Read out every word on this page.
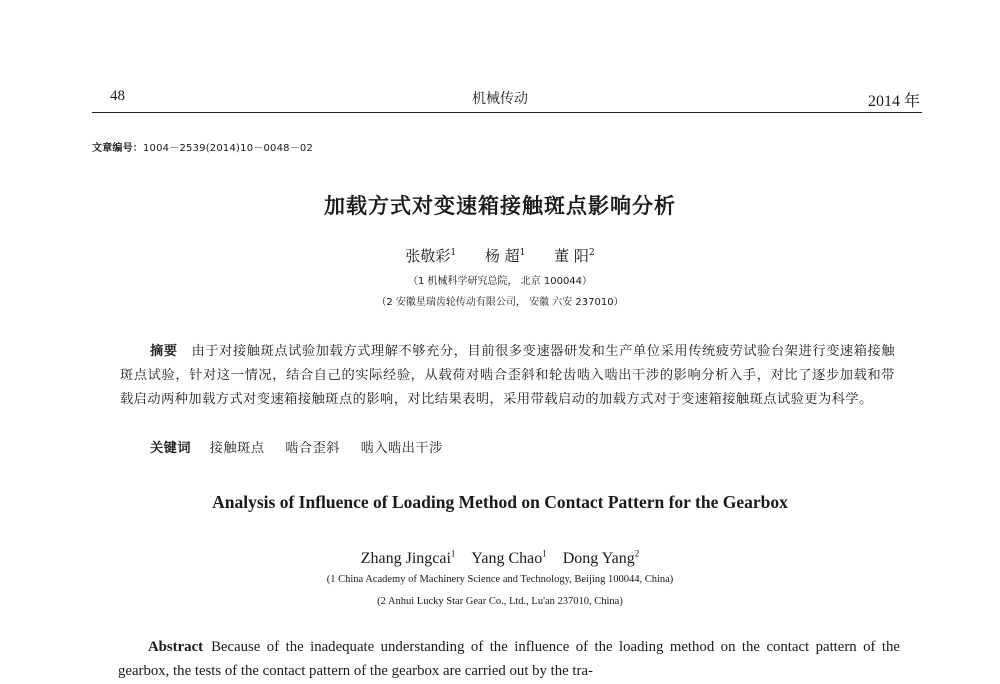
48	机械传动	2014 年
文章编号：1004－2539(2014)10－0048－02
加载方式对变速箱接触斑点影响分析
张敬彩$^1$ 杨 超$^1$ 董 阳$^2$
（1 机械科学研究总院， 北京 100044）
（2 安徽星瑞齿轮传动有限公司， 安徽 六安 237010）
摘要 由于对接触斑点试验加载方式理解不够充分，目前很多变速器研发和生产单位采用传统疲劳试验台架进行变速箱接触斑点试验，针对这一情况，结合自己的实际经验，从载荷对啮合歪斜和轮齿啮入啮出干涉的影响分析入手，对比了逐步加载和带载启动两种加载方式对变速箱接触斑点的影响，对比结果表明，采用带载启动的加载方式对于变速箱接触斑点试验更为科学。
关键词 接触斑点 啮合歪斜 啮入啮出干涉
Analysis of Influence of Loading Method on Contact Pattern for the Gearbox
Zhang Jingcai$^1$ Yang Chao$^1$ Dong Yang$^2$
(1 China Academy of Machinery Science and Technology, Beijing 100044, China)
(2 Anhui Lucky Star Gear Co., Ltd., Lu'an 237010, China)
Abstract Because of the inadequate understanding of the influence of the loading method on the contact pattern of the gearbox, the tests of the contact pattern of the gearbox are carried out by the tra-
